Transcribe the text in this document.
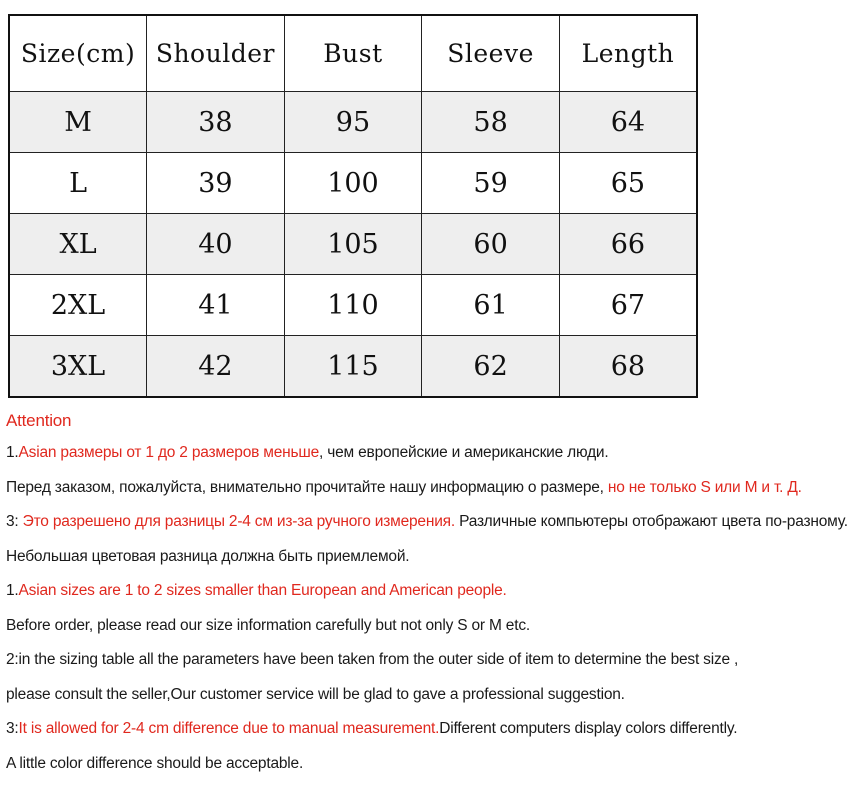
Size(cm)	Shoulder	Bust	Sleeve	Length
M	38	95	58	64
L	39	100	59	65
XL	40	105	60	66
2XL	41	110	61	67
3XL	42	115	62	68
Attention
1.Asian размеры от 1 до 2 размеров меньше, чем европейские и американские люди.
Перед заказом, пожалуйста, внимательно прочитайте нашу информацию о размере, но не только S или M и т. Д.
3: Это разрешено для разницы 2-4 см из-за ручного измерения. Различные компьютеры отображают цвета по-разному.
Небольшая цветовая разница должна быть приемлемой.
1.Asian sizes are 1 to 2 sizes smaller than European and American people.
Before order, please read our size information carefully but not only S or M etc.
2:in the sizing table all the parameters have been taken from the outer side of item to determine the best size ,
please consult the seller,Our customer service will be glad to gave a professional suggestion.
3:It is allowed for 2-4 cm difference due to manual measurement.Different computers display colors differently.
A little color difference should be acceptable.
